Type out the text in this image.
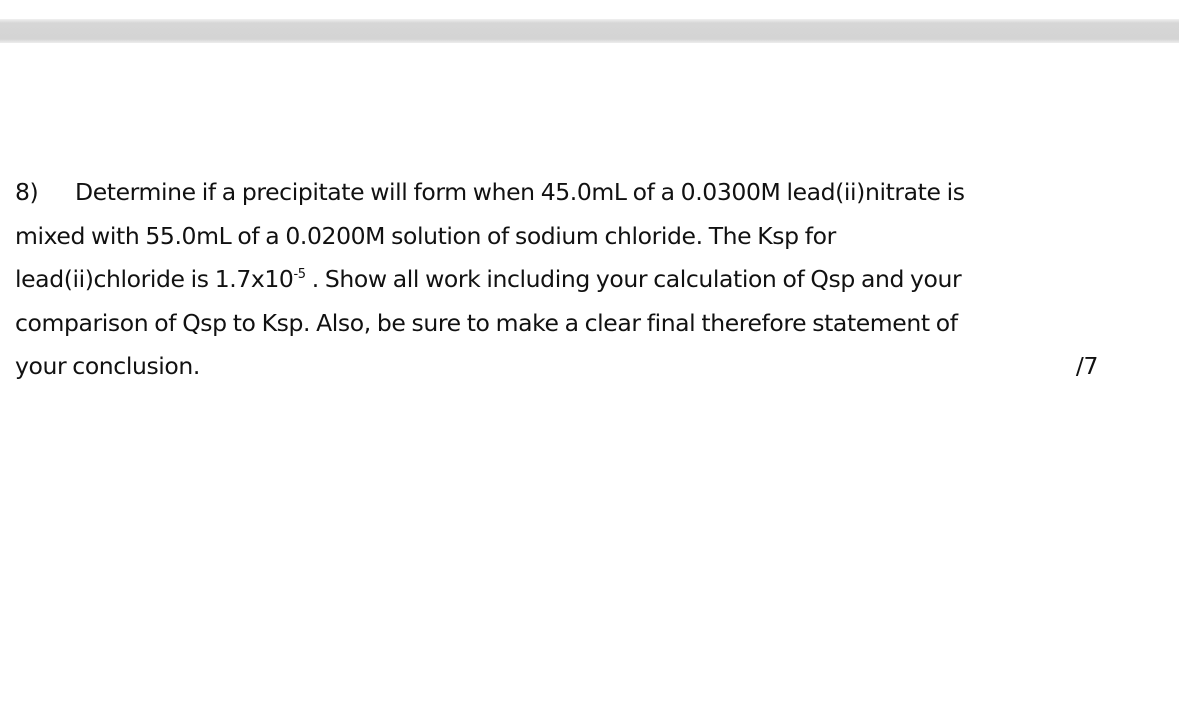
8) Determine if a precipitate will form when 45.0mL of a 0.0300M lead(ii)nitrate is
mixed with 55.0mL of a 0.0200M solution of sodium chloride. The Ksp for
lead(ii)chloride is $1.7x10^{-5}$ . Show all work including your calculation of Qsp and your
comparison of Qsp to Ksp. Also, be sure to make a clear final therefore statement of
your conclusion.	/7
